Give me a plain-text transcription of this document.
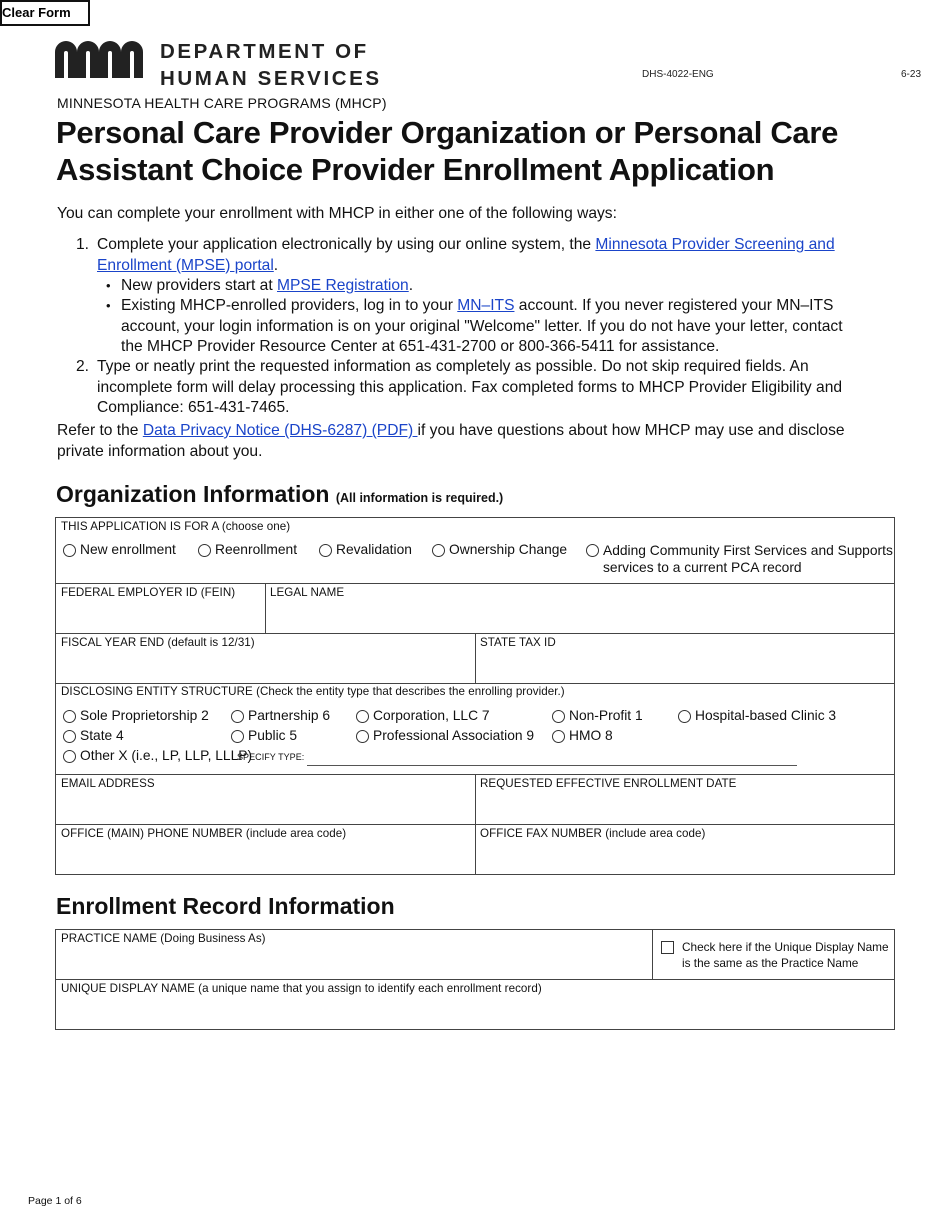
Clear Form
DEPARTMENT OF
HUMAN SERVICES	DHS-4022-ENG	6-23
MINNESOTA HEALTH CARE PROGRAMS (MHCP)
Personal Care Provider Organization or Personal Care
Assistant Choice Provider Enrollment Application
You can complete your enrollment with MHCP in either one of the following ways:
1. Complete your application electronically by using our online system, the Minnesota Provider Screening and
Enrollment (MPSE) portal.
• New providers start at MPSE Registration.
• Existing MHCP-enrolled providers, log in to your MN–ITS account. If you never registered your MN–ITS
account, your login information is on your original "Welcome" letter. If you do not have your letter, contact
the MHCP Provider Resource Center at 651-431-2700 or 800-366-5411 for assistance.
2. Type or neatly print the requested information as completely as possible. Do not skip required fields. An
incomplete form will delay processing this application. Fax completed forms to MHCP Provider Eligibility and
Compliance: 651-431-7465.
Refer to the Data Privacy Notice (DHS-6287) (PDF) if you have questions about how MHCP may use and disclose
private information about you.
Organization Information (All information is required.)
THIS APPLICATION IS FOR A (choose one)
New enrollment	Reenrollment	Revalidation	Ownership Change	Adding Community First Services and Supports
services to a current PCA record
FEDERAL EMPLOYER ID (FEIN)	LEGAL NAME
FISCAL YEAR END (default is 12/31)	STATE TAX ID
DISCLOSING ENTITY STRUCTURE (Check the entity type that describes the enrolling provider.)
Sole Proprietorship 2	Partnership 6	Corporation, LLC 7	Non-Profit 1	Hospital-based Clinic 3
State 4	Public 5	Professional Association 9	HMO 8
Other X (i.e., LP, LLP, LLLP)
SPECIFY TYPE:
EMAIL ADDRESS	REQUESTED EFFECTIVE ENROLLMENT DATE
OFFICE (MAIN) PHONE NUMBER (include area code)	OFFICE FAX NUMBER (include area code)
Enrollment Record Information
PRACTICE NAME (Doing Business As)
Check here if the Unique Display Name
is the same as the Practice Name
UNIQUE DISPLAY NAME (a unique name that you assign to identify each enrollment record)
Page 1 of 6
